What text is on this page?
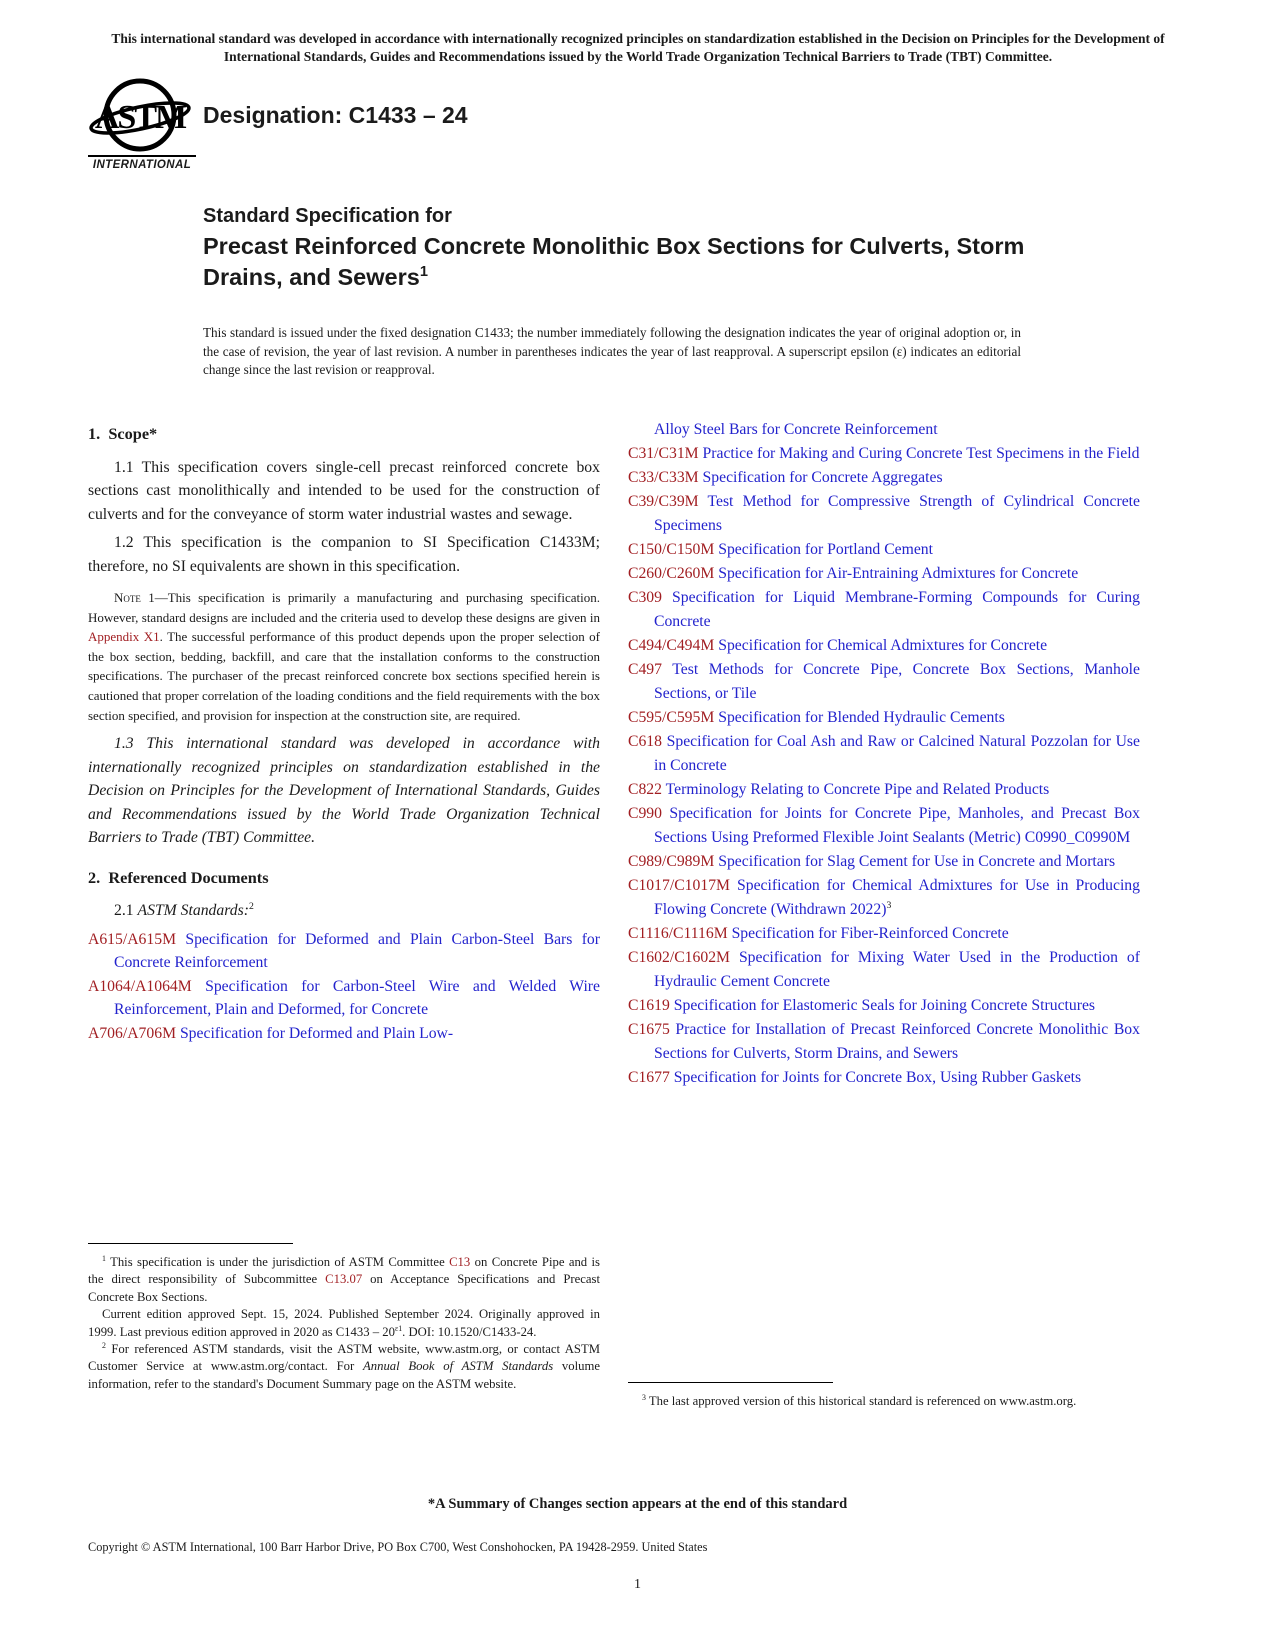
This international standard was developed in accordance with internationally recognized principles on standardization established in the Decision on Principles for the Development of International Standards, Guides and Recommendations issued by the World Trade Organization Technical Barriers to Trade (TBT) Committee.
ASTM
INTERNATIONAL
Designation: C1433 – 24

Standard Specification for

Precast Reinforced Concrete Monolithic Box Sections for Culverts, Storm Drains, and Sewers$^1$

This standard is issued under the fixed designation C1433; the number immediately following the designation indicates the year of original adoption or, in the case of revision, the year of last revision. A number in parentheses indicates the year of last reapproval. A superscript epsilon (ε) indicates an editorial change since the last revision or reapproval.
1.  Scope*

1.1 This specification covers single-cell precast reinforced concrete box sections cast monolithically and intended to be used for the construction of culverts and for the conveyance of storm water industrial wastes and sewage.

1.2 This specification is the companion to SI Specification C1433M; therefore, no SI equivalents are shown in this specification.

Note 1—This specification is primarily a manufacturing and purchasing specification. However, standard designs are included and the criteria used to develop these designs are given in Appendix X1. The successful performance of this product depends upon the proper selection of the box section, bedding, backfill, and care that the installation conforms to the construction specifications. The purchaser of the precast reinforced concrete box sections specified herein is cautioned that proper correlation of the loading conditions and the field requirements with the box section specified, and provision for inspection at the construction site, are required.

1.3 This international standard was developed in accordance with internationally recognized principles on standardization established in the Decision on Principles for the Development of International Standards, Guides and Recommendations issued by the World Trade Organization Technical Barriers to Trade (TBT) Committee.

2.  Referenced Documents

2.1 ASTM Standards:$^2$

A615/A615M Specification for Deformed and Plain Carbon-Steel Bars for Concrete Reinforcement
A1064/A1064M Specification for Carbon-Steel Wire and Welded Wire Reinforcement, Plain and Deformed, for Concrete
A706/A706M Specification for Deformed and Plain Low-
Alloy Steel Bars for Concrete Reinforcement
C31/C31M Practice for Making and Curing Concrete Test Specimens in the Field
C33/C33M Specification for Concrete Aggregates
C39/C39M Test Method for Compressive Strength of Cylindrical Concrete Specimens
C150/C150M Specification for Portland Cement
C260/C260M Specification for Air-Entraining Admixtures for Concrete
C309 Specification for Liquid Membrane-Forming Compounds for Curing Concrete
C494/C494M Specification for Chemical Admixtures for Concrete
C497 Test Methods for Concrete Pipe, Concrete Box Sections, Manhole Sections, or Tile
C595/C595M Specification for Blended Hydraulic Cements
C618 Specification for Coal Ash and Raw or Calcined Natural Pozzolan for Use in Concrete
C822 Terminology Relating to Concrete Pipe and Related Products
C990 Specification for Joints for Concrete Pipe, Manholes, and Precast Box Sections Using Preformed Flexible Joint Sealants (Metric) C0990_C0990M
C989/C989M Specification for Slag Cement for Use in Concrete and Mortars
C1017/C1017M Specification for Chemical Admixtures for Use in Producing Flowing Concrete (Withdrawn 2022)$^3$
C1116/C1116M Specification for Fiber-Reinforced Concrete
C1602/C1602M Specification for Mixing Water Used in the Production of Hydraulic Cement Concrete
C1619 Specification for Elastomeric Seals for Joining Concrete Structures
C1675 Practice for Installation of Precast Reinforced Concrete Monolithic Box Sections for Culverts, Storm Drains, and Sewers
C1677 Specification for Joints for Concrete Box, Using Rubber Gaskets

$^1$ This specification is under the jurisdiction of ASTM Committee C13 on Concrete Pipe and is the direct responsibility of Subcommittee C13.07 on Acceptance Specifications and Precast Concrete Box Sections.

Current edition approved Sept. 15, 2024. Published September 2024. Originally approved in 1999. Last previous edition approved in 2020 as $C1433 - 20^{\varepsilon 1}$. DOI: 10.1520/C1433-24.

$^2$ For referenced ASTM standards, visit the ASTM website, www.astm.org, or contact ASTM Customer Service at www.astm.org/contact. For Annual Book of ASTM Standards volume information, refer to the standard's Document Summary page on the ASTM website.

$^3$ The last approved version of this historical standard is referenced on www.astm.org.

*A Summary of Changes section appears at the end of this standard
Copyright © ASTM International, 100 Barr Harbor Drive, PO Box C700, West Conshohocken, PA 19428-2959. United States
1
